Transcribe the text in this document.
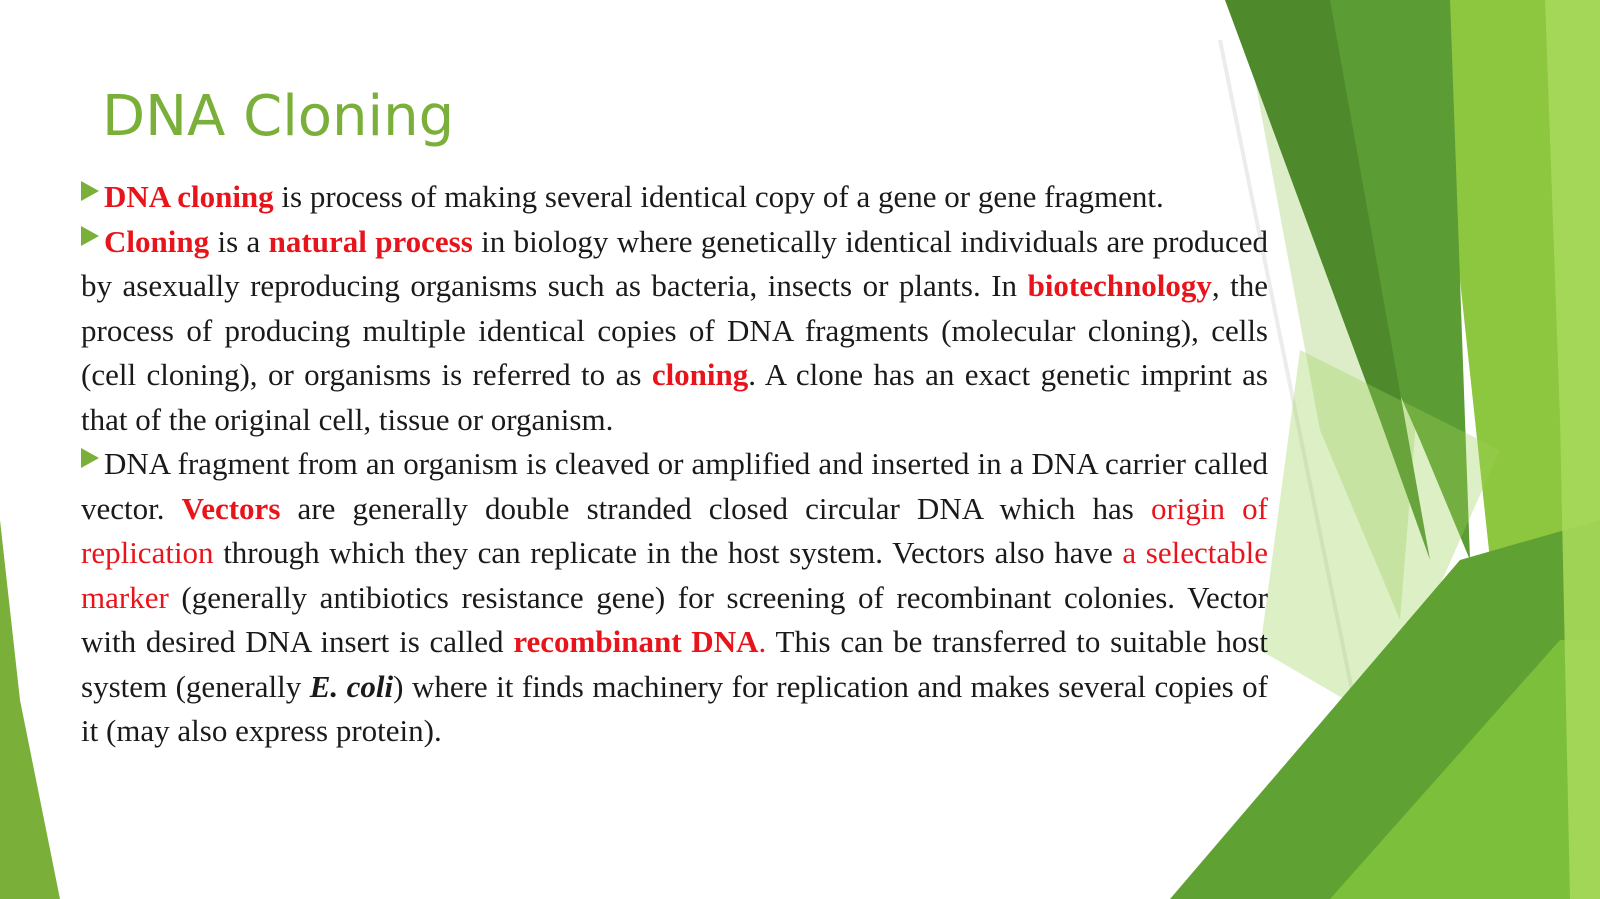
DNA Cloning

DNA cloning is process of making several identical copy of a gene or gene fragment.

Cloning is a natural process in biology where genetically identical individuals are produced by asexually reproducing organisms such as bacteria, insects or plants. In biotechnology, the process of producing multiple identical copies of DNA fragments (molecular cloning), cells (cell cloning), or organisms is referred to as cloning. A clone has an exact genetic imprint as that of the original cell, tissue or organism.

DNA fragment from an organism is cleaved or amplified and inserted in a DNA carrier called vector. Vectors are generally double stranded closed circular DNA which has origin of replication through which they can replicate in the host system. Vectors also have a selectable marker (generally antibiotics resistance gene) for screening of recombinant colonies. Vector with desired DNA insert is called recombinant DNA. This can be transferred to suitable host system (generally E. coli) where it finds machinery for replication and makes several copies of it (may also express protein).
